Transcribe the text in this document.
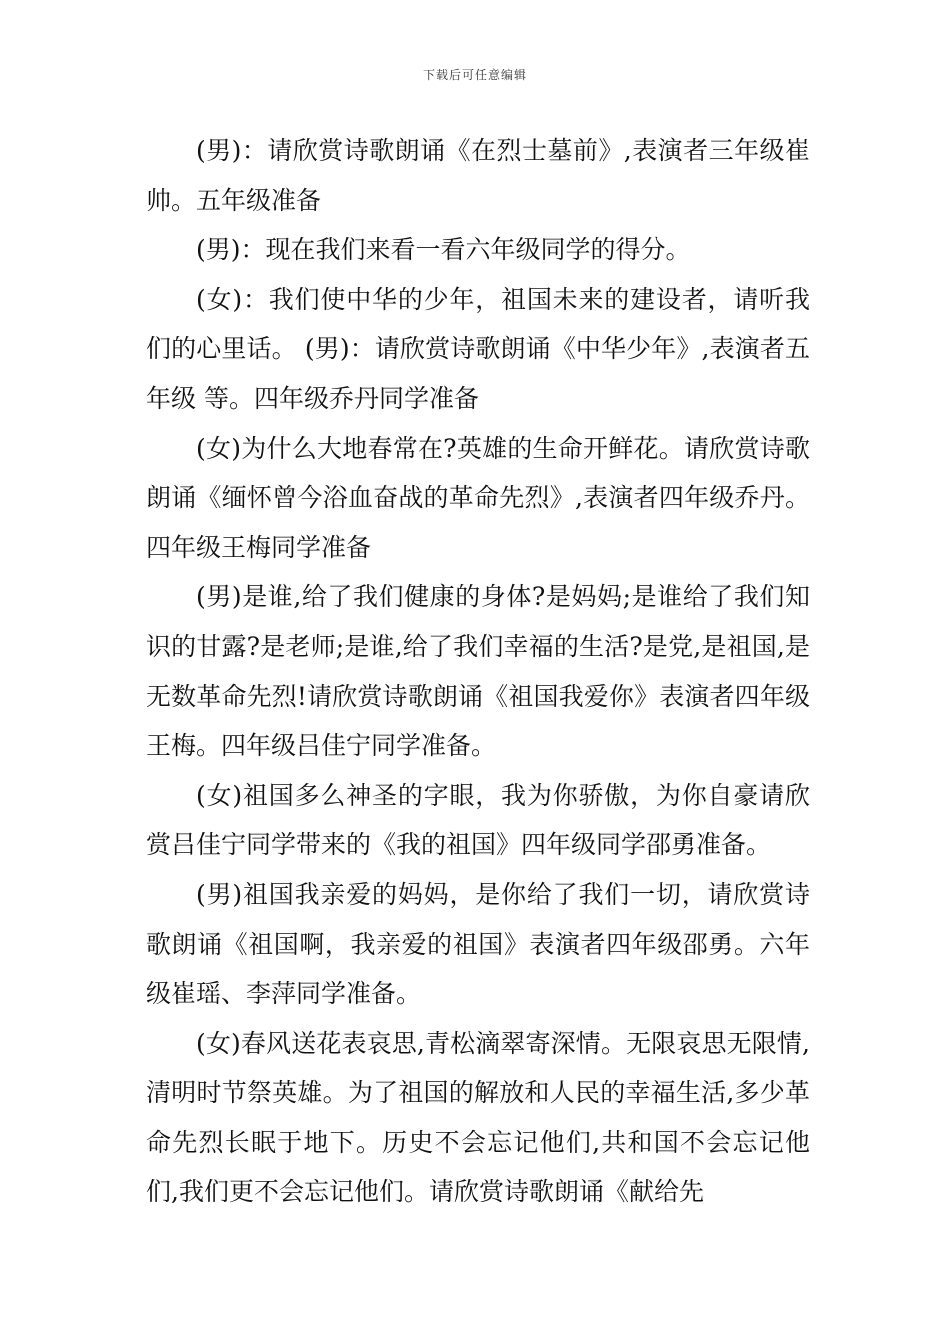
下载后可任意编辑

(男)：请欣赏诗歌朗诵《在烈士墓前》,表演者三年级崔帅。五年级准备

(男)：现在我们来看一看六年级同学的得分。

(女)：我们使中华的少年，祖国未来的建设者，请听我们的心里话。 (男)：请欣赏诗歌朗诵《中华少年》,表演者五年级 等。四年级乔丹同学准备

(女)为什么大地春常在?英雄的生命开鲜花。请欣赏诗歌朗诵《缅怀曾今浴血奋战的革命先烈》,表演者四年级乔丹。四年级王梅同学准备

(男)是谁,给了我们健康的身体?是妈妈;是谁给了我们知识的甘露?是老师;是谁,给了我们幸福的生活?是党,是祖国,是无数革命先烈!请欣赏诗歌朗诵《祖国我爱你》表演者四年级王梅。四年级吕佳宁同学准备。

(女)祖国多么神圣的字眼，我为你骄傲，为你自豪请欣赏吕佳宁同学带来的《我的祖国》四年级同学邵勇准备。

(男)祖国我亲爱的妈妈，是你给了我们一切，请欣赏诗歌朗诵《祖国啊，我亲爱的祖国》表演者四年级邵勇。六年级崔瑶、李萍同学准备。

(女)春风送花表哀思,青松滴翠寄深情。无限哀思无限情,清明时节祭英雄。为了祖国的解放和人民的幸福生活,多少革命先烈长眠于地下。历史不会忘记他们,共和国不会忘记他们,我们更不会忘记他们。请欣赏诗歌朗诵《献给先
